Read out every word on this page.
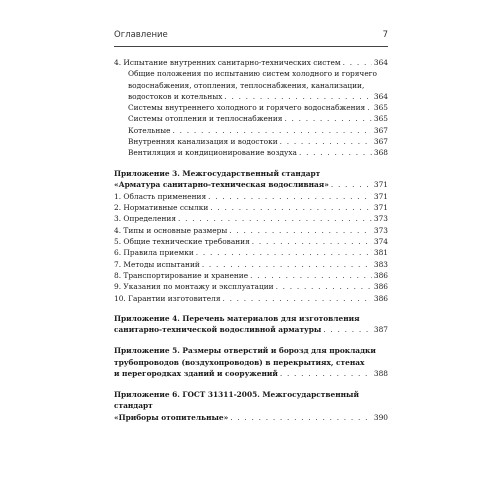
Оглавление	7
4. Испытание внутренних санитарно-технических систем . . .	364
Общие положения по испытанию систем холодного и горячего
водоснабжения, отопления, теплоснабжения, канализации,
водостоков и котельных . . .	364
Системы внутреннего холодного и горячего водоснабжения . . . 365
Системы отопления и теплоснабжения . . .	365
Котельные . . .	367
Внутренняя канализация и водостоки . . .	367
Вентиляция и кондиционирование воздуха . . .	368
Приложение 3. Межгосударственный стандарт
«Арматура санитарно-техническая водосливная» . . .	371
1. Область применения . . .	371
2. Нормативные ссылки . . .	371
3. Определения . . .	373
4. Типы и основные размеры . . .	373
5. Общие технические требования . . .	374
6. Правила приемки . . .	381
7. Методы испытаний . . .	383
8. Транспортирование и хранение . . .	386
9. Указания по монтажу и эксплуатации . . .	386
10. Гарантии изготовителя . . .	386
Приложение 4. Перечень материалов для изготовления
санитарно-технической водосливной арматуры . . .	387
Приложение 5. Размеры отверстий и борозд для прокладки
трубопроводов (воздухопроводов) в перекрытиях, стенах
и перегородках зданий и сооружений . . .	388
Приложение 6. ГОСТ 31311-2005. Межгосударственный стандарт
«Приборы отопительные» . . .	390
